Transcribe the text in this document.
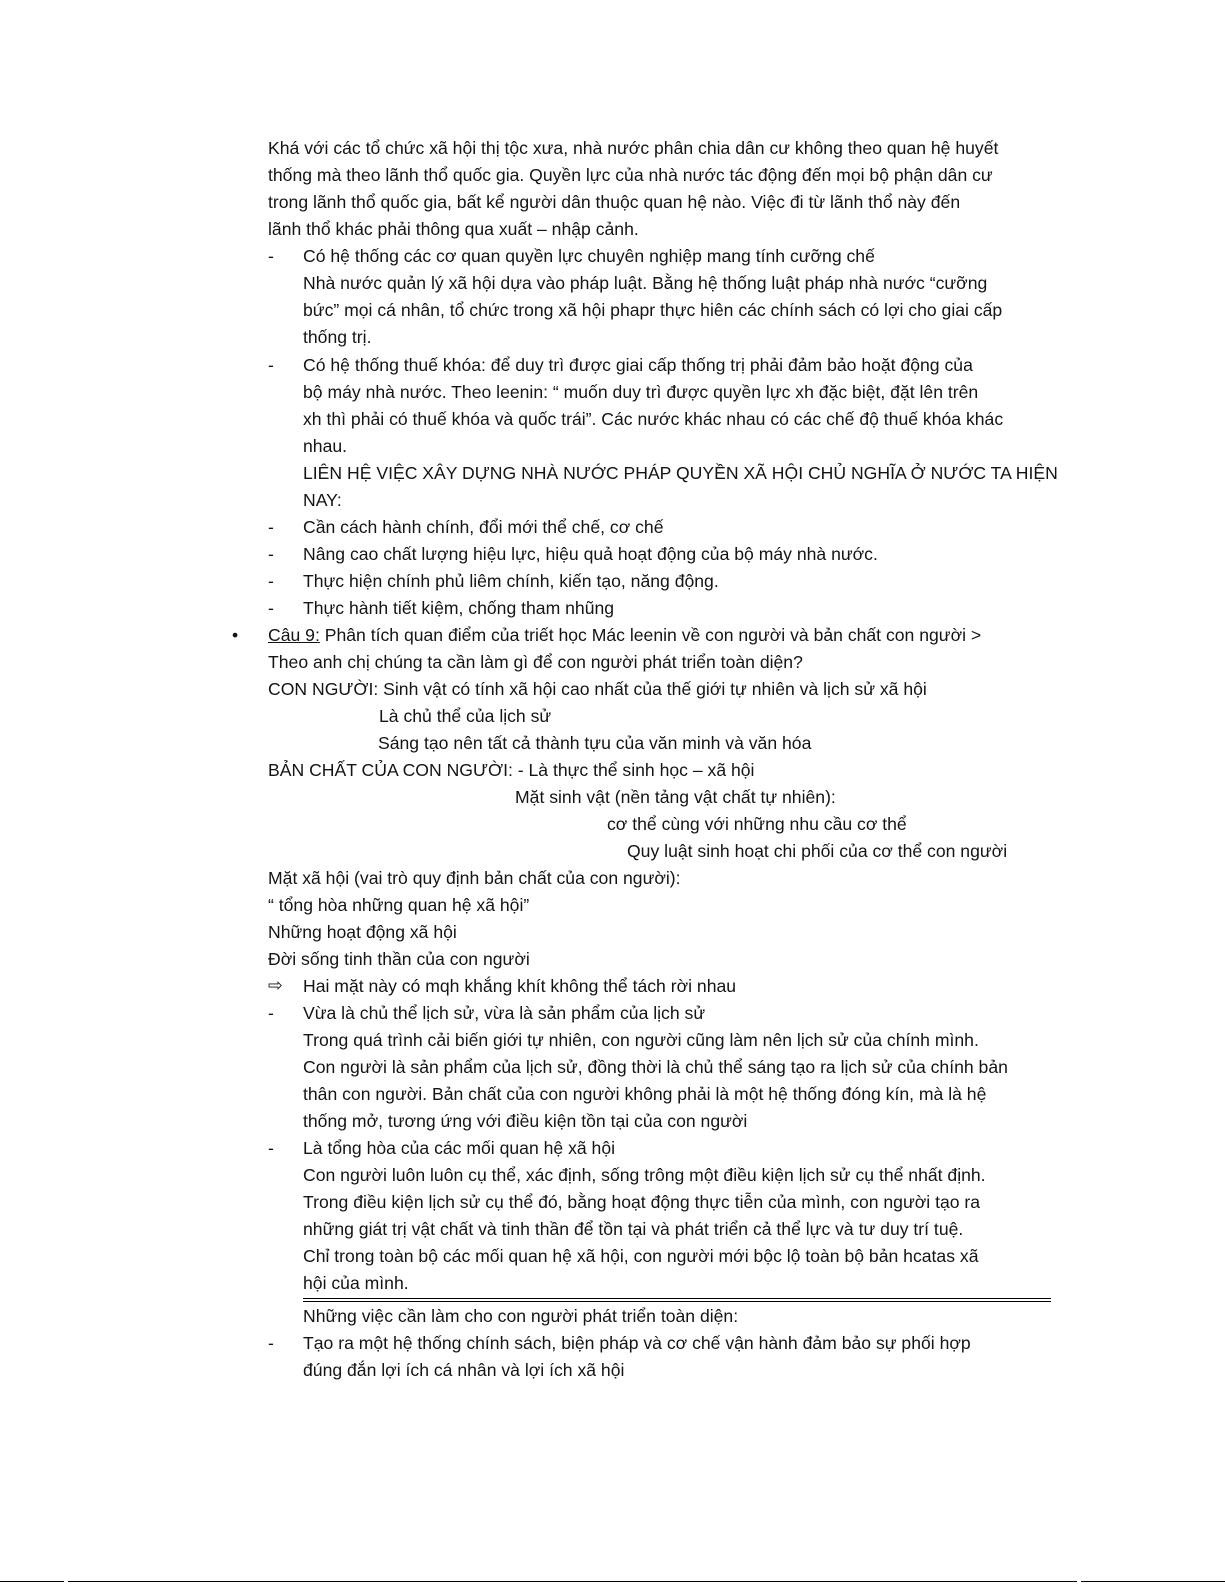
Khá với các tổ chức xã hội thị tộc xưa, nhà nước phân chia dân cư không theo quan hệ huyết
thống mà theo lãnh thổ quốc gia. Quyền lực của nhà nước tác động đến mọi bộ phận dân cư
trong lãnh thổ quốc gia, bất kể người dân thuộc quan hệ nào. Việc đi từ lãnh thổ này đến
lãnh thổ khác phải thông qua xuất – nhập cảnh.
- Có hệ thống các cơ quan quyền lực chuyên nghiệp mang tính cưỡng chế
Nhà nước quản lý xã hội dựa vào pháp luật. Bằng hệ thống luật pháp nhà nước “cưỡng
bức” mọi cá nhân, tổ chức trong xã hội phapr thực hiên các chính sách có lợi cho giai cấp
thống trị.
- Có hệ thống thuế khóa: để duy trì được giai cấp thống trị phải đảm bảo hoặt động của
bộ máy nhà nước. Theo leenin: “ muốn duy trì được quyền lực xh đặc biệt, đặt lên trên
xh thì phải có thuế khóa và quốc trái”. Các nước khác nhau có các chế độ thuế khóa khác
nhau.
LIÊN HỆ VIỆC XÂY DỰNG NHÀ NƯỚC PHÁP QUYỀN XÃ HỘI CHỦ NGHĨA Ở NƯỚC TA HIỆN
NAY:
- Cần cách hành chính, đổi mới thể chế, cơ chế
- Nâng cao chất lượng hiệu lực, hiệu quả hoạt động của bộ máy nhà nước.
- Thực hiện chính phủ liêm chính, kiến tạo, năng động.
- Thực hành tiết kiệm, chống tham nhũng
• Câu 9: Phân tích quan điểm của triết học Mác leenin về con người và bản chất con người >
Theo anh chị chúng ta cần làm gì để con người phát triển toàn diện?
CON NGƯỜI: Sinh vật có tính xã hội cao nhất của thế giới tự nhiên và lịch sử xã hội
Là chủ thể của lịch sử
Sáng tạo nên tất cả thành tựu của văn minh và văn hóa
BẢN CHẤT CỦA CON NGƯỜI: - Là thực thể sinh học – xã hội
Mặt sinh vật (nền tảng vật chất tự nhiên):
cơ thể cùng với những nhu cầu cơ thể
Quy luật sinh hoạt chi phối của cơ thể con người
Mặt xã hội (vai trò quy định bản chất của con người):
“ tổng hòa những quan hệ xã hội”
Những hoạt động xã hội
Đời sống tinh thần của con người
⇨ Hai mặt này có mqh khắng khít không thể tách rời nhau
- Vừa là chủ thể lịch sử, vừa là sản phẩm của lịch sử
Trong quá trình cải biến giới tự nhiên, con người cũng làm nên lịch sử của chính mình.
Con người là sản phẩm của lịch sử, đồng thời là chủ thể sáng tạo ra lịch sử của chính bản
thân con người. Bản chất của con người không phải là một hệ thống đóng kín, mà là hệ
thống mở, tương ứng với điều kiện tồn tại của con người
- Là tổng hòa của các mối quan hệ xã hội
Con người luôn luôn cụ thể, xác định, sống trông một điều kiện lịch sử cụ thể nhất định.
Trong điều kiện lịch sử cụ thể đó, bằng hoạt động thực tiễn của mình, con người tạo ra
những giát trị vật chất và tinh thần để tồn tại và phát triển cả thể lực và tư duy trí tuệ.
Chỉ trong toàn bộ các mối quan hệ xã hội, con người mới bộc lộ toàn bộ bản hcatas xã
hội của mình.
Những việc cần làm cho con người phát triển toàn diện:
- Tạo ra một hệ thống chính sách, biện pháp và cơ chế vận hành đảm bảo sự phối hợp
đúng đắn lợi ích cá nhân và lợi ích xã hội
